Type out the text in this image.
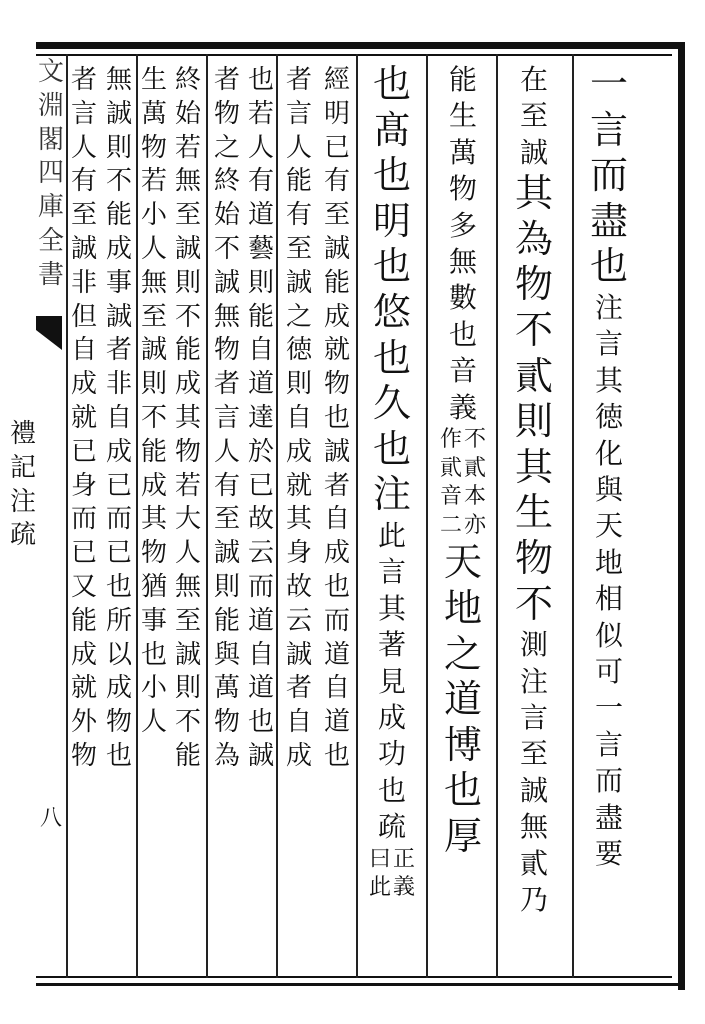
文
淵
閣
四
庫
全
書
禮
記
注
疏
八
一
言
而
盡
也
注
言
其
徳
化
與
天
地
相
似
可
一
言
而
盡
要
在
至
誠
其
為
物
不
貳
則
其
生
物
不
測
注
言
至
誠
無
貳
乃
能
生
萬
物
多
無
數
也
音
義
不
貳
本
亦
作
貮
音
二
天
地
之
道
博
也
厚
也
髙
也
明
也
悠
也
久
也
注
此
言
其
著
見
成
功
也
疏
正
義
曰
此
經
明
已
有
至
誠
能
成
就
物
也
誠
者
自
成
也
而
道
自
道
也
者
言
人
能
有
至
誠
之
徳
則
自
成
就
其
身
故
云
誠
者
自
成
也
若
人
有
道
藝
則
能
自
道
達
於
已
故
云
而
道
自
道
也
誠
者
物
之
終
始
不
誠
無
物
者
言
人
有
至
誠
則
能
與
萬
物
為
終
始
若
無
至
誠
則
不
能
成
其
物
若
大
人
無
至
誠
則
不
能
生
萬
物
若
小
人
無
至
誠
則
不
能
成
其
物
猶
事
也
小
人
無
誠
則
不
能
成
事
誠
者
非
自
成
已
而
已
也
所
以
成
物
也
者
言
人
有
至
誠
非
但
自
成
就
已
身
而
已
又
能
成
就
外
物
